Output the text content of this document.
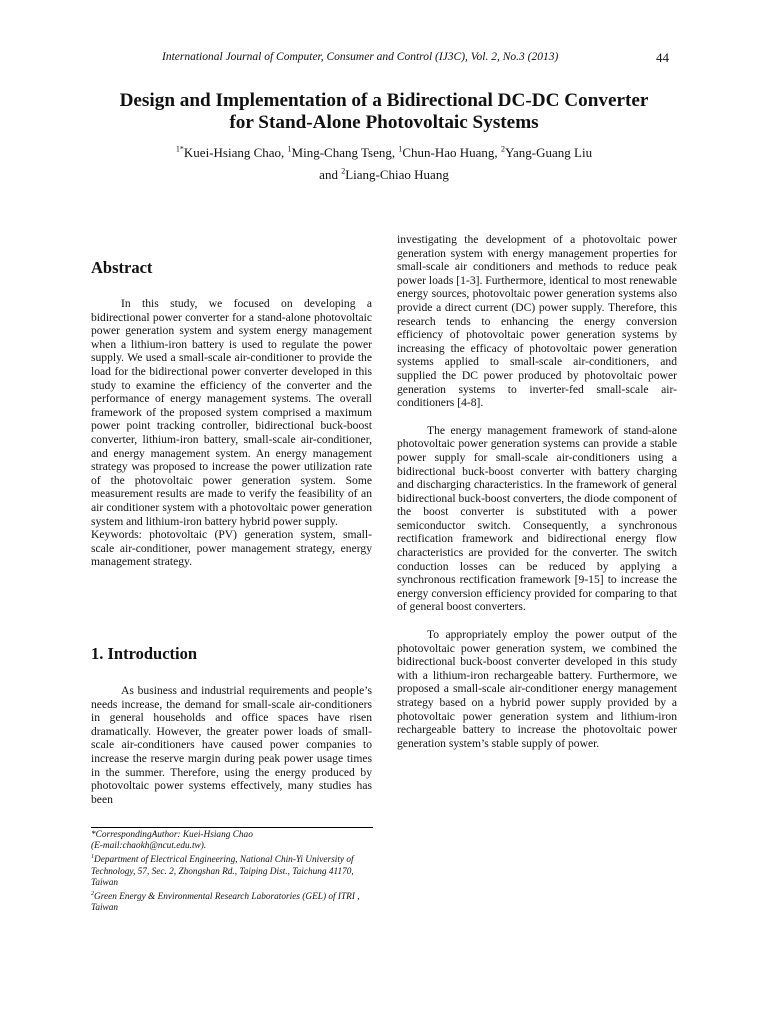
International Journal of Computer, Consumer and Control (IJ3C), Vol. 2, No.3 (2013)	44
Design and Implementation of a Bidirectional DC-DC Converter
for Stand-Alone Photovoltaic Systems
$^{1*}$Kuei-Hsiang Chao, $^1$Ming-Chang Tseng, $^1$Chun-Hao Huang, $^2$Yang-Guang Liu
and $^2$Liang-Chiao Huang
Abstract

In this study, we focused on developing a bidirectional power converter for a stand-alone photovoltaic power generation system and system energy management when a lithium-iron battery is used to regulate the power supply. We used a small-scale air-conditioner to provide the load for the bidirectional power converter developed in this study to examine the efficiency of the converter and the performance of energy management systems. The overall framework of the proposed system comprised a maximum power point tracking controller, bidirectional buck-boost converter, lithium-iron battery, small-scale air-conditioner, and energy management system. An energy management strategy was proposed to increase the power utilization rate of the photovoltaic power generation system. Some measurement results are made to verify the feasibility of an air conditioner system with a photovoltaic power generation system and lithium-iron battery hybrid power supply.

Keywords: photovoltaic (PV) generation system, small-scale air-conditioner, power management strategy, energy management strategy.

1. Introduction

As business and industrial requirements and people’s needs increase, the demand for small-scale air-conditioners in general households and office spaces have risen dramatically. However, the greater power loads of small-scale air-conditioners have caused power companies to increase the reserve margin during peak power usage times in the summer. Therefore, using the energy produced by photovoltaic power systems effectively, many studies has been

investigating the development of a photovoltaic power generation system with energy management properties for small-scale air conditioners and methods to reduce peak power loads [1-3]. Furthermore, identical to most renewable energy sources, photovoltaic power generation systems also provide a direct current (DC) power supply. Therefore, this research tends to enhancing the energy conversion efficiency of photovoltaic power generation systems by increasing the efficacy of photovoltaic power generation systems applied to small-scale air-conditioners, and supplied the DC power produced by photovoltaic power generation systems to inverter-fed small-scale air-conditioners [4-8].

The energy management framework of stand-alone photovoltaic power generation systems can provide a stable power supply for small-scale air-conditioners using a bidirectional buck-boost converter with battery charging and discharging characteristics. In the framework of general bidirectional buck-boost converters, the diode component of the boost converter is substituted with a power semiconductor switch. Consequently, a synchronous rectification framework and bidirectional energy flow characteristics are provided for the converter. The switch conduction losses can be reduced by applying a synchronous rectification framework [9-15] to increase the energy conversion efficiency provided for comparing to that of general boost converters.

To appropriately employ the power output of the photovoltaic power generation system, we combined the bidirectional buck-boost converter developed in this study with a lithium-iron rechargeable battery. Furthermore, we proposed a small-scale air-conditioner energy management strategy based on a hybrid power supply provided by a photovoltaic power generation system and lithium-iron rechargeable battery to increase the photovoltaic power generation system’s stable supply of power.

*CorrespondingAuthor: Kuei-Hsiang Chao
(E-mail:chaokh@ncut.edu.tw).
$^1$Department of Electrical Engineering, National Chin-Yi University of Technology, 57, Sec. 2, Zhongshan Rd., Taiping Dist., Taichung 41170, Taiwan
$^2$Green Energy & Environmental Research Laboratories (GEL) of ITRI , Taiwan
